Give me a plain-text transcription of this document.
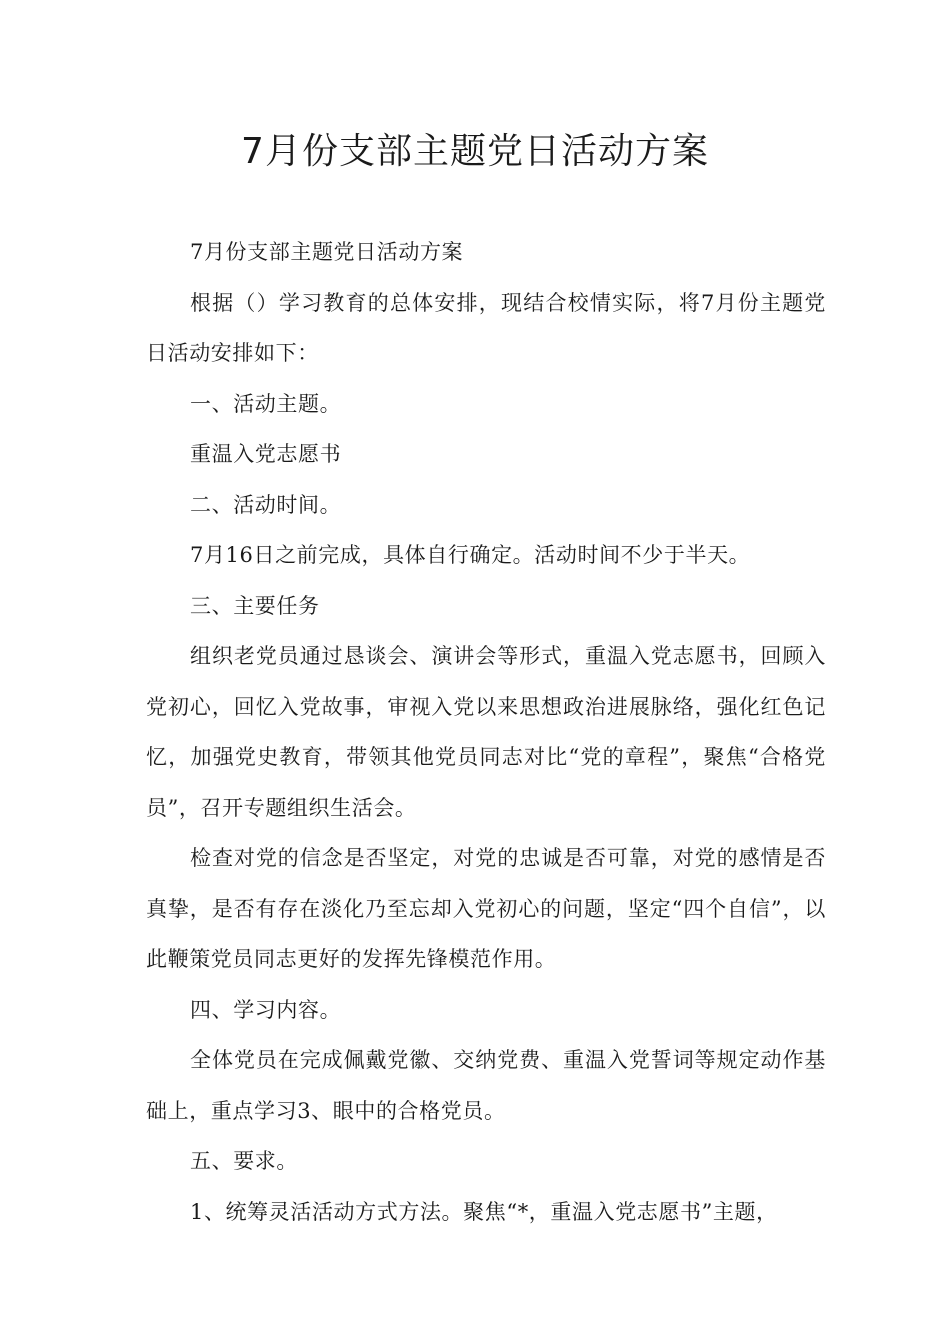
7月份支部主题党日活动方案

7月份支部主题党日活动方案

根据（）学习教育的总体安排，现结合校情实际，将7月份主题党日活动安排如下：

一、活动主题。

重温入党志愿书

二、活动时间。

7月16日之前完成，具体自行确定。活动时间不少于半天。

三、主要任务

组织老党员通过恳谈会、演讲会等形式，重温入党志愿书，回顾入党初心，回忆入党故事，审视入党以来思想政治进展脉络，强化红色记忆，加强党史教育，带领其他党员同志对比“党的章程”，聚焦“合格党员”，召开专题组织生活会。

检查对党的信念是否坚定，对党的忠诚是否可靠，对党的感情是否真挚，是否有存在淡化乃至忘却入党初心的问题，坚定“四个自信”，以此鞭策党员同志更好的发挥先锋模范作用。

四、学习内容。

全体党员在完成佩戴党徽、交纳党费、重温入党誓词等规定动作基础上，重点学习3、眼中的合格党员。

五、要求。

1、统筹灵活活动方式方法。聚焦“*，重温入党志愿书”主题，
